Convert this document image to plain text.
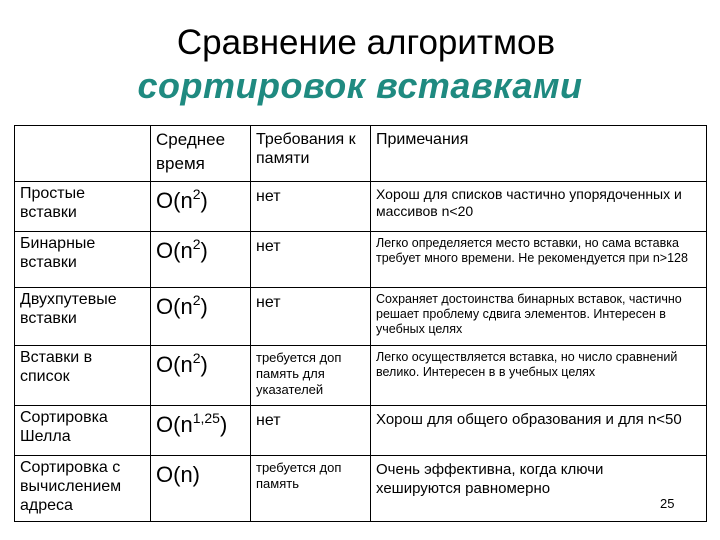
Сравнение алгоритмов
сортировок вставками
	Среднее время	Требования к памяти	Примечания
Простые вставки	$O(n^2)$	нет	Хорош для списков частично упорядоченных и массивов n<20
Бинарные вставки	$O(n^2)$	нет	Легко определяется место вставки, но сама вставка требует много времени. Не рекомендуется при n>128
Двухпутевые вставки	$O(n^2)$	нет	Сохраняет достоинства бинарных вставок, частично решает проблему сдвига элементов. Интересен в учебных целях
Вставки в список	$O(n^2)$	требуется доп память для указателей	Легко осуществляется вставка, но число сравнений велико. Интересен в в учебных целях
Сортировка Шелла	$O(n^{1,25})$	нет	Хорош для общего образования и для n<50
Сортировка с вычислением адреса	O(n)	требуется доп память	Очень эффективна, когда ключи хешируются равномерно
25
